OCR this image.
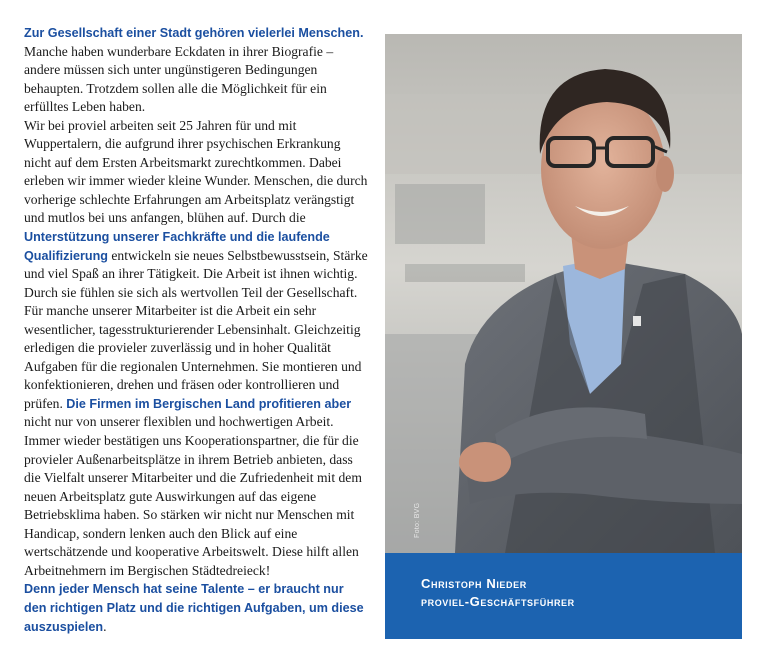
Zur Gesellschaft einer Stadt gehören vielerlei Menschen.
Manche haben wunderbare Eckdaten in ihrer Biografie – andere müssen sich unter ungünstigeren Bedingungen behaupten. Trotzdem sollen alle die Möglichkeit für ein erfülltes Leben haben.

Wir bei proviel arbeiten seit 25 Jahren für und mit Wuppertalern, die aufgrund ihrer psychischen Erkrankung nicht auf dem Ersten Arbeitsmarkt zurechtkommen. Dabei erleben wir immer wieder kleine Wunder. Menschen, die durch vorherige schlechte Erfahrungen am Arbeitsplatz verängstigt und mutlos bei uns anfangen, blühen auf. Durch die Unterstützung unserer Fachkräfte und die laufende Qualifizierung entwickeln sie neues Selbstbewusstsein, Stärke und viel Spaß an ihrer Tätigkeit. Die Arbeit ist ihnen wichtig. Durch sie fühlen sie sich als wertvollen Teil der Gesellschaft. Für manche unserer Mitarbeiter ist die Arbeit ein sehr wesentlicher, tagesstrukturierender Lebensinhalt. Gleichzeitig erledigen die provieler zuverlässig und in hoher Qualität Aufgaben für die regionalen Unternehmen. Sie montieren und konfektionieren, drehen und fräsen oder kontrollieren und prüfen. Die Firmen im Bergischen Land profitieren aber nicht nur von unserer flexiblen und hochwertigen Arbeit. Immer wieder bestätigen uns Kooperationspartner, die für die provieler Außenarbeitsplätze in ihrem Betrieb anbieten, dass die Vielfalt unserer Mitarbeiter und die Zufriedenheit mit dem neuen Arbeitsplatz gute Auswirkungen auf das eigene Betriebsklima haben. So stärken wir nicht nur Menschen mit Handicap, sondern lenken auch den Blick auf eine wertschätzende und kooperative Arbeitswelt. Diese hilft allen Arbeitnehmern im Bergischen Städtedreieck!

Denn jeder Mensch hat seine Talente – er braucht nur den richtigen Platz und die richtigen Aufgaben, um diese auszuspielen.

Foto: BVG
Christoph Nieder
proviel-Geschäftsführer
